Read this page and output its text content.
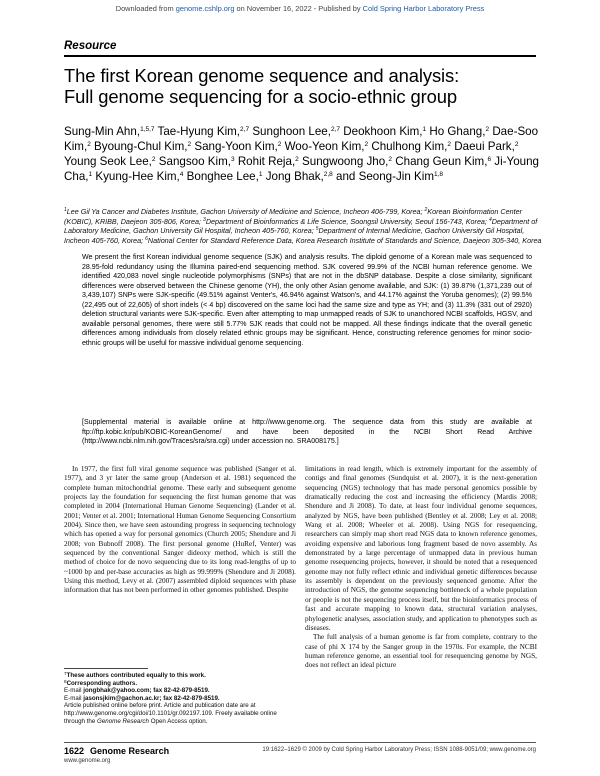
Downloaded from genome.cshlp.org on November 16, 2022 - Published by Cold Spring Harbor Laboratory Press
Resource
The first Korean genome sequence and analysis:
Full genome sequencing for a socio-ethnic group
Sung-Min Ahn,$^{1,5,7}$ Tae-Hyung Kim,$^{2,7}$ Sunghoon Lee,$^{2,7}$ Deokhoon Kim,$^1$ Ho Ghang,$^2$ Dae-Soo Kim,$^2$ Byoung-Chul Kim,$^2$ Sang-Yoon Kim,$^2$ Woo-Yeon Kim,$^2$ Chulhong Kim,$^2$ Daeui Park,$^2$ Young Seok Lee,$^2$ Sangsoo Kim,$^3$ Rohit Reja,$^2$ Sungwoong Jho,$^2$ Chang Geun Kim,$^6$ Ji-Young Cha,$^1$ Kyung-Hee Kim,$^4$ Bonghee Lee,$^1$ Jong Bhak,$^{2,8}$ and Seong-Jin Kim$^{1,8}$
$^1$Lee Gil Ya Cancer and Diabetes Institute, Gachon University of Medicine and Science, Incheon 406-799, Korea; $^2$Korean Bioinformation Center (KOBIC), KRIBB, Daejeon 305-806, Korea; $^3$Department of Bioinformatics & Life Science, Soongsil University, Seoul 156-743, Korea; $^4$Department of Laboratory Medicine, Gachon University Gil Hospital, Incheon 405-760, Korea; $^5$Department of Internal Medicine, Gachon University Gil Hospital, Incheon 405-760, Korea; $^6$National Center for Standard Reference Data, Korea Research Institute of Standards and Science, Daejeon 305-340, Korea
We present the first Korean individual genome sequence (SJK) and analysis results. The diploid genome of a Korean male was sequenced to 28.95-fold redundancy using the Illumina paired-end sequencing method. SJK covered 99.9% of the NCBI human reference genome. We identified 420,083 novel single nucleotide polymorphisms (SNPs) that are not in the dbSNP database. Despite a close similarity, significant differences were observed between the Chinese genome (YH), the only other Asian genome available, and SJK: (1) 39.87% (1,371,239 out of 3,439,107) SNPs were SJK-specific (49.51% against Venter's, 46.94% against Watson's, and 44.17% against the Yoruba genomes); (2) 99.5% (22,495 out of 22,605) of short indels (< 4 bp) discovered on the same loci had the same size and type as YH; and (3) 11.3% (331 out of 2920) deletion structural variants were SJK-specific. Even after attempting to map unmapped reads of SJK to unanchored NCBI scaffolds, HGSV, and available personal genomes, there were still 5.77% SJK reads that could not be mapped. All these findings indicate that the overall genetic differences among individuals from closely related ethnic groups may be significant. Hence, constructing reference genomes for minor socio-ethnic groups will be useful for massive individual genome sequencing.
[Supplemental material is available online at http://www.genome.org. The sequence data from this study are available at ftp://ftp.kobic.kr/pub/KOBIC-KoreanGenome/ and have been deposited in the NCBI Short Read Archive (http://www.ncbi.nlm.nih.gov/Traces/sra/sra.cgi) under accession no. SRA008175.]

In 1977, the first full viral genome sequence was published (Sanger et al. 1977), and 3 yr later the same group (Anderson et al. 1981) sequenced the complete human mitochondrial genome. These early and subsequent genome projects lay the foundation for sequencing the first human genome that was completed in 2004 (International Human Genome Sequencing) (Lander et al. 2001; Venter et al. 2001; International Human Genome Sequencing Consortium 2004). Since then, we have seen astounding progress in sequencing technology which has opened a way for personal genomics (Church 2005; Shendure and Ji 2008; von Bubnoff 2008). The first personal genome (HuRef, Venter) was sequenced by the conventional Sanger dideoxy method, which is still the method of choice for de novo sequencing due to its long read-lengths of up to ~1000 bp and per-base accuracies as high as 99.999% (Shendure and Ji 2008). Using this method, Levy et al. (2007) assembled diploid sequences with phase information that has not been performed in other genomes published. Despite

limitations in read length, which is extremely important for the assembly of contigs and final genomes (Sundquist et al. 2007), it is the next-generation sequencing (NGS) technology that has made personal genomics possible by dramatically reducing the cost and increasing the efficiency (Mardis 2008; Shendure and Ji 2008). To date, at least four individual genome sequences, analyzed by NGS, have been published (Bentley et al. 2008; Ley et al. 2008; Wang et al. 2008; Wheeler et al. 2008). Using NGS for resequencing, researchers can simply map short read NGS data to known reference genomes, avoiding expensive and laborious long fragment based de novo assembly. As demonstrated by a large percentage of unmapped data in previous human genome resequencing projects, however, it should be noted that a resequenced genome may not fully reflect ethnic and individual genetic differences because its assembly is dependent on the previously sequenced genome. After the introduction of NGS, the genome sequencing bottleneck of a whole population or people is not the sequencing process itself, but the bioinformatics process of fast and accurate mapping to known data, structural variation analyses, phylogenetic analyses, association study, and application to phenotypes such as diseases.

The full analysis of a human genome is far from complete, contrary to the case of phi X 174 by the Sanger group in the 1970s. For example, the NCBI human reference genome, an essential tool for resequencing genome by NGS, does not reflect an ideal picture

$^7$These authors contributed equally to this work.
$^8$Corresponding authors.
E-mail jongbhak@yahoo.com; fax 82-42-879-8519.
E-mail jasonsjkim@gachon.ac.kr; fax 82-42-879-8519.
Article published online before print. Article and publication date are at http://www.genome.org/cgi/doi/10.1101/gr.092197.109. Freely available online through the Genome Research Open Access option.
1622 Genome Research
www.genome.org
19:1622–1629 © 2009 by Cold Spring Harbor Laboratory Press; ISSN 1088-9051/09; www.genome.org
